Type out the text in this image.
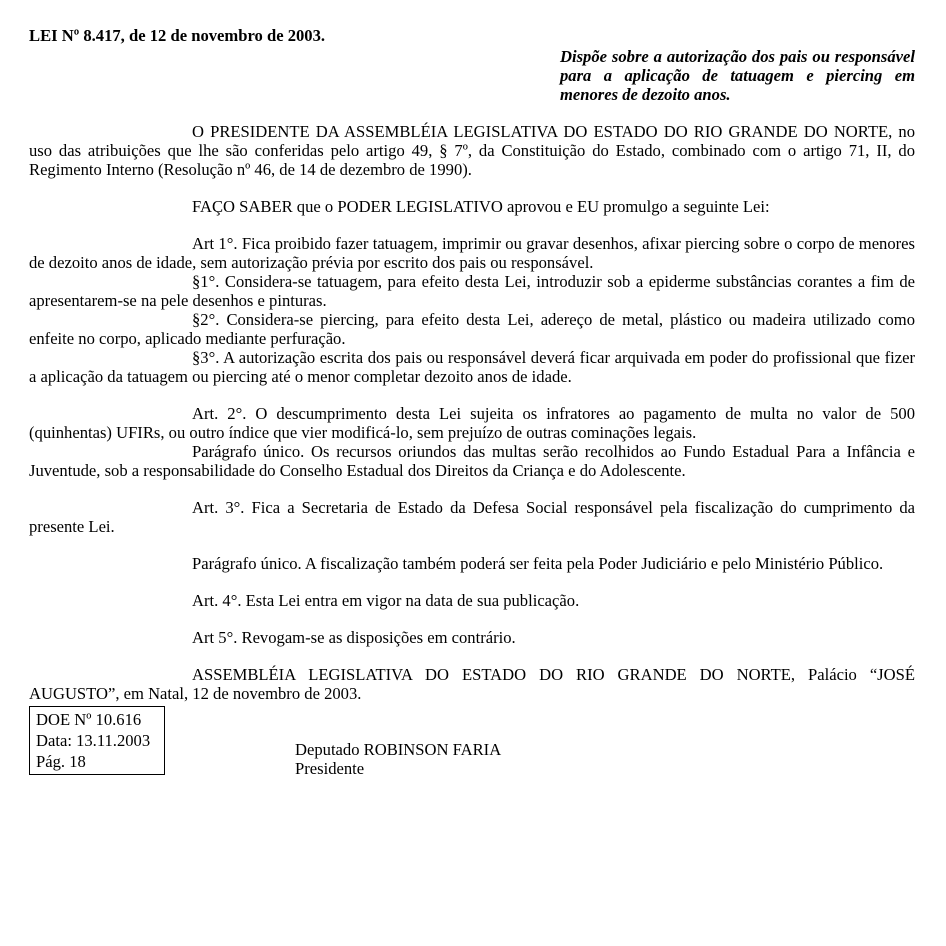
LEI Nº 8.417, de 12 de novembro de 2003.

Dispõe sobre a autorização dos pais ou responsável para a aplicação de tatuagem e piercing em menores de dezoito anos.

O PRESIDENTE DA ASSEMBLÉIA LEGISLATIVA DO ESTADO DO RIO GRANDE DO NORTE, no uso das atribuições que lhe são conferidas pelo artigo 49, § 7º, da Constituição do Estado, combinado com o artigo 71, II, do Regimento Interno (Resolução nº 46, de 14 de dezembro de 1990).

FAÇO SABER que o PODER LEGISLATIVO aprovou e EU promulgo a seguinte Lei:

Art 1°. Fica proibido fazer tatuagem, imprimir ou gravar desenhos, afixar piercing sobre o corpo de menores de dezoito anos de idade, sem autorização prévia por escrito dos pais ou responsável.

§1°. Considera-se tatuagem, para efeito desta Lei, introduzir sob a epiderme substâncias corantes a fim de apresentarem-se na pele desenhos e pinturas.

§2°. Considera-se piercing, para efeito desta Lei, adereço de metal, plástico ou madeira utilizado como enfeite no corpo, aplicado mediante perfuração.

§3°. A autorização escrita dos pais ou responsável deverá ficar arquivada em poder do profissional que fizer a aplicação da tatuagem ou piercing até o menor completar dezoito anos de idade.

Art. 2°. O descumprimento desta Lei sujeita os infratores ao pagamento de multa no valor de 500 (quinhentas) UFIRs, ou outro índice que vier modificá-lo, sem prejuízo de outras cominações legais.

Parágrafo único. Os recursos oriundos das multas serão recolhidos ao Fundo Estadual Para a Infância e Juventude, sob a responsabilidade do Conselho Estadual dos Direitos da Criança e do Adolescente.

Art. 3°. Fica a Secretaria de Estado da Defesa Social responsável pela fiscalização do cumprimento da presente Lei.

Parágrafo único. A fiscalização também poderá ser feita pela Poder Judiciário e pelo Ministério Público.

Art. 4°. Esta Lei entra em vigor na data de sua publicação.

Art 5°. Revogam-se as disposições em contrário.

ASSEMBLÉIA LEGISLATIVA DO ESTADO DO RIO GRANDE DO NORTE, Palácio “JOSÉ AUGUSTO”, em Natal, 12 de novembro de 2003.

DOE Nº 10.616
Data: 13.11.2003
Pág. 18
Deputado ROBINSON FARIA
Presidente
